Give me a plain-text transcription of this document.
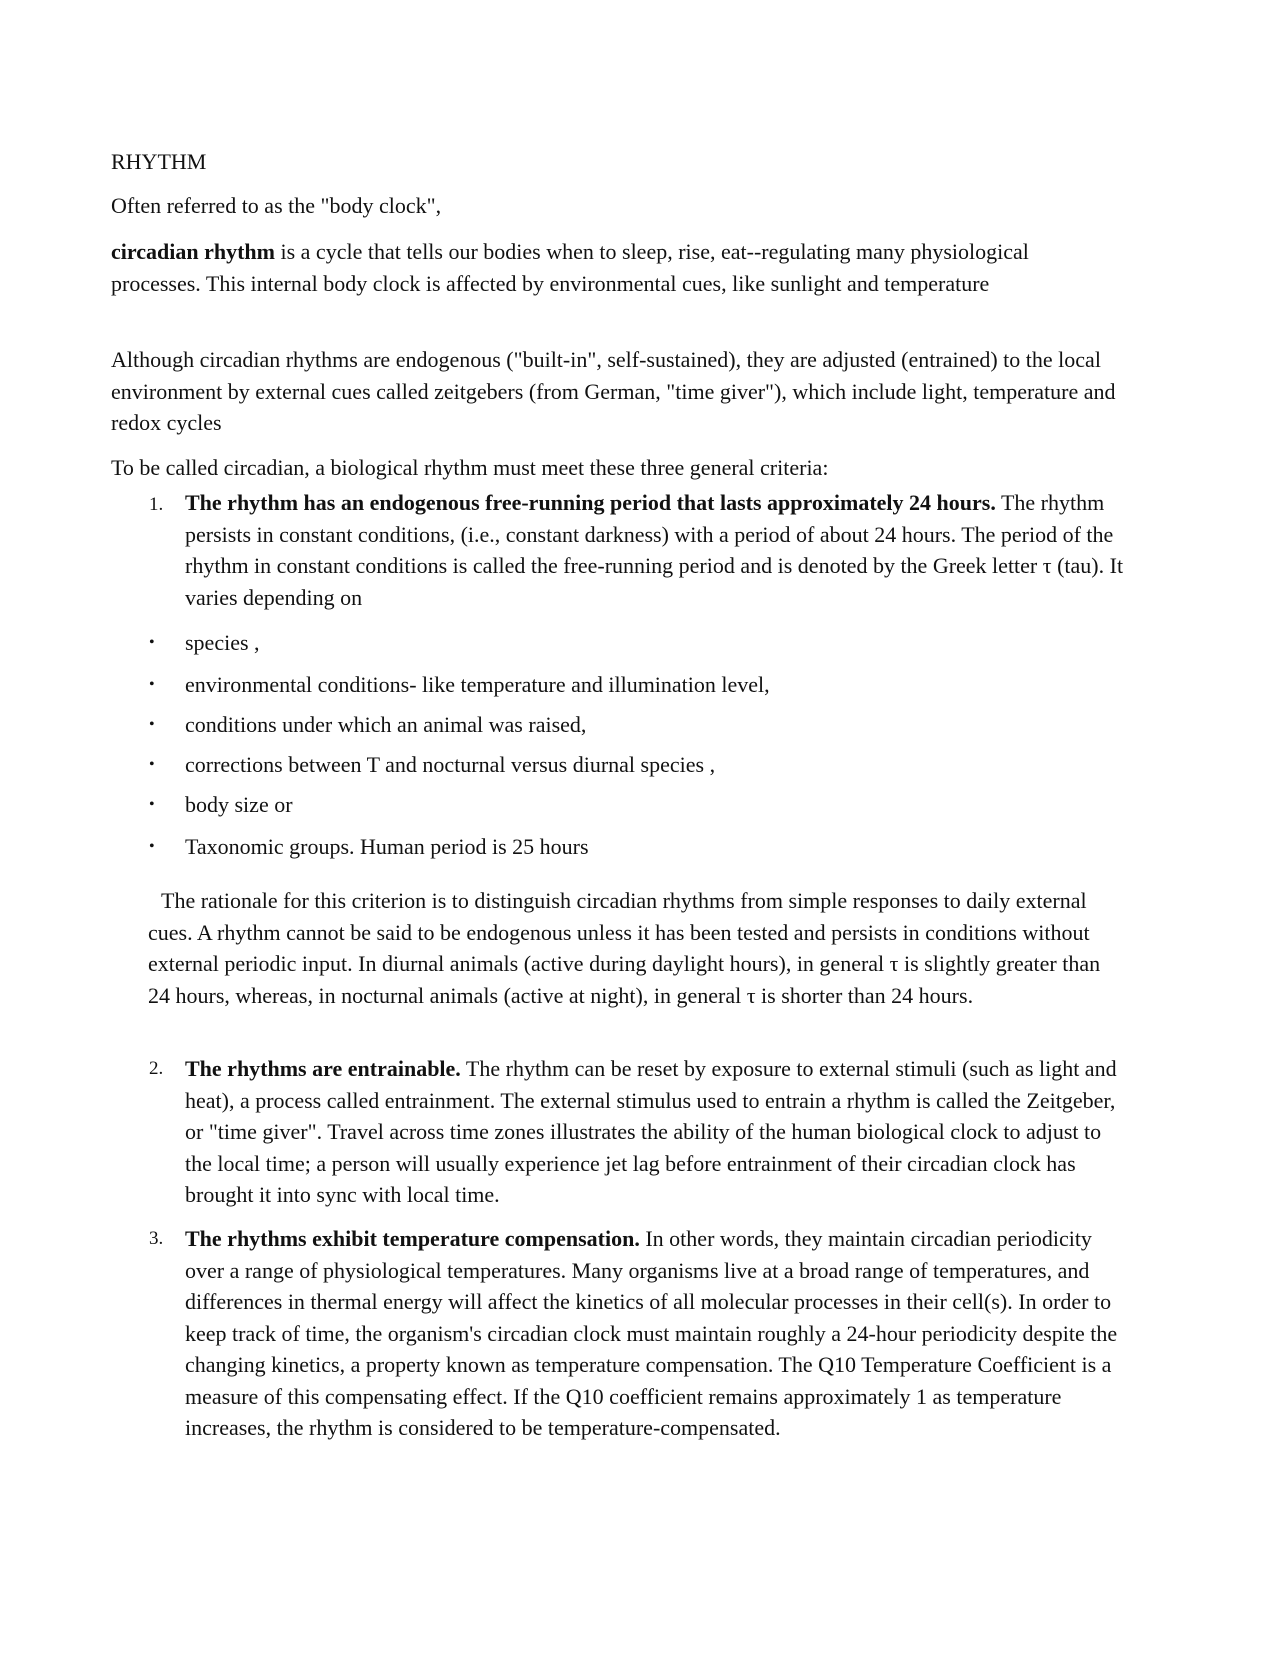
RHYTHM

Often referred to as the "body clock",

circadian rhythm is a cycle that tells our bodies when to sleep, rise, eat--regulating many physiological processes. This internal body clock is affected by environmental cues, like sunlight and temperature

Although circadian rhythms are endogenous ("built-in", self-sustained), they are adjusted (entrained) to the local environment by external cues called zeitgebers (from German, "time giver"), which include light, temperature and redox cycles

To be called circadian, a biological rhythm must meet these three general criteria:

1. The rhythm has an endogenous free-running period that lasts approximately 24 hours. The rhythm persists in constant conditions, (i.e., constant darkness) with a period of about 24 hours. The period of the rhythm in constant conditions is called the free-running period and is denoted by the Greek letter τ (tau). It varies depending on

• species ,
• environmental conditions- like temperature and illumination level,
• conditions under which an animal was raised,
• corrections between T and nocturnal versus diurnal species ,
• body size or
• Taxonomic groups. Human period is 25 hours

The rationale for this criterion is to distinguish circadian rhythms from simple responses to daily external cues. A rhythm cannot be said to be endogenous unless it has been tested and persists in conditions without external periodic input. In diurnal animals (active during daylight hours), in general τ is slightly greater than 24 hours, whereas, in nocturnal animals (active at night), in general τ is shorter than 24 hours.

2. The rhythms are entrainable. The rhythm can be reset by exposure to external stimuli (such as light and heat), a process called entrainment. The external stimulus used to entrain a rhythm is called the Zeitgeber, or "time giver". Travel across time zones illustrates the ability of the human biological clock to adjust to the local time; a person will usually experience jet lag before entrainment of their circadian clock has brought it into sync with local time.

3. The rhythms exhibit temperature compensation. In other words, they maintain circadian periodicity over a range of physiological temperatures. Many organisms live at a broad range of temperatures, and differences in thermal energy will affect the kinetics of all molecular processes in their cell(s). In order to keep track of time, the organism's circadian clock must maintain roughly a 24-hour periodicity despite the changing kinetics, a property known as temperature compensation. The Q10 Temperature Coefficient is a measure of this compensating effect. If the Q10 coefficient remains approximately 1 as temperature increases, the rhythm is considered to be temperature-compensated.
